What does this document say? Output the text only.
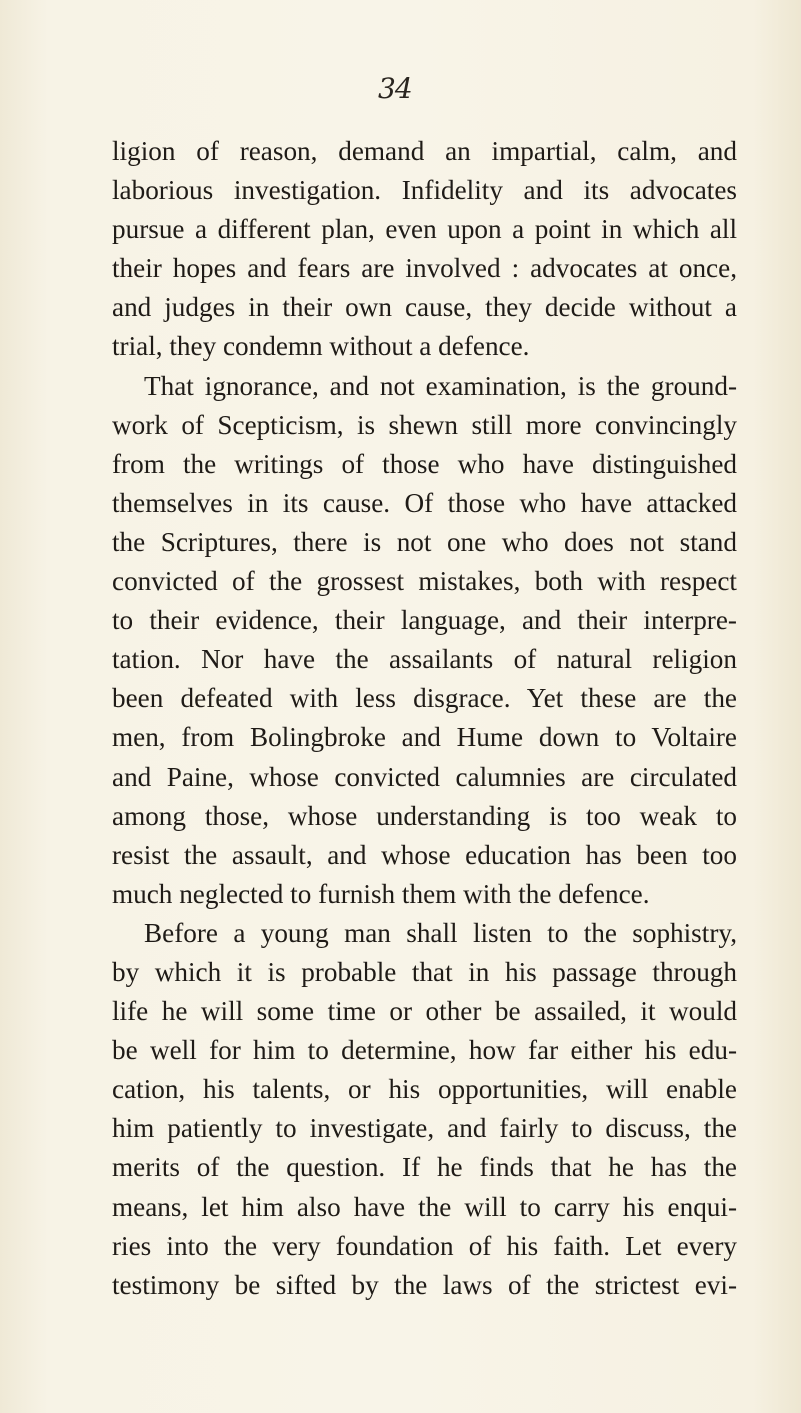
34
ligion of reason, demand an impartial, calm, and
laborious investigation. Infidelity and its advocates
pursue a different plan, even upon a point in which all
their hopes and fears are involved : advocates at once,
and judges in their own cause, they decide without a
trial, they condemn without a defence.
That ignorance, and not examination, is the ground-
work of Scepticism, is shewn still more convincingly
from the writings of those who have distinguished
themselves in its cause. Of those who have attacked
the Scriptures, there is not one who does not stand
convicted of the grossest mistakes, both with respect
to their evidence, their language, and their interpre-
tation. Nor have the assailants of natural religion
been defeated with less disgrace. Yet these are the
men, from Bolingbroke and Hume down to Voltaire
and Paine, whose convicted calumnies are circulated
among those, whose understanding is too weak to
resist the assault, and whose education has been too
much neglected to furnish them with the defence.
Before a young man shall listen to the sophistry,
by which it is probable that in his passage through
life he will some time or other be assailed, it would
be well for him to determine, how far either his edu-
cation, his talents, or his opportunities, will enable
him patiently to investigate, and fairly to discuss, the
merits of the question. If he finds that he has the
means, let him also have the will to carry his enqui-
ries into the very foundation of his faith. Let every
testimony be sifted by the laws of the strictest evi-
